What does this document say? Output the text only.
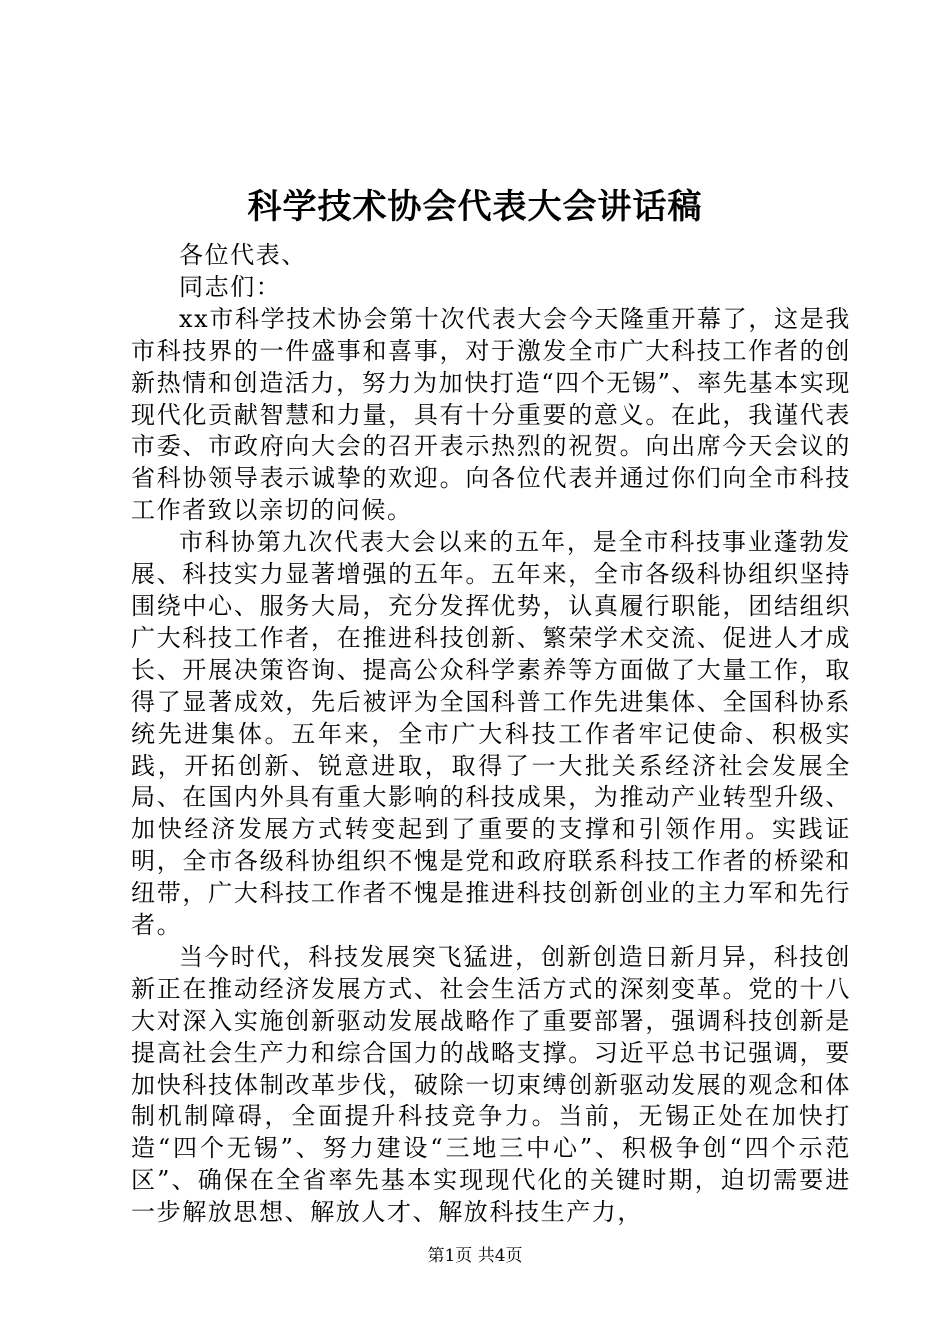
科学技术协会代表大会讲话稿

各位代表、

同志们：

xx市科学技术协会第十次代表大会今天隆重开幕了，这是我市科技界的一件盛事和喜事，对于激发全市广大科技工作者的创新热情和创造活力，努力为加快打造“四个无锡”、率先基本实现现代化贡献智慧和力量，具有十分重要的意义。在此，我谨代表市委、市政府向大会的召开表示热烈的祝贺。向出席今天会议的省科协领导表示诚挚的欢迎。向各位代表并通过你们向全市科技工作者致以亲切的问候。

市科协第九次代表大会以来的五年，是全市科技事业蓬勃发展、科技实力显著增强的五年。五年来，全市各级科协组织坚持围绕中心、服务大局，充分发挥优势，认真履行职能，团结组织广大科技工作者，在推进科技创新、繁荣学术交流、促进人才成长、开展决策咨询、提高公众科学素养等方面做了大量工作，取得了显著成效，先后被评为全国科普工作先进集体、全国科协系统先进集体。五年来，全市广大科技工作者牢记使命、积极实践，开拓创新、锐意进取，取得了一大批关系经济社会发展全局、在国内外具有重大影响的科技成果，为推动产业转型升级、加快经济发展方式转变起到了重要的支撑和引领作用。实践证明，全市各级科协组织不愧是党和政府联系科技工作者的桥梁和纽带，广大科技工作者不愧是推进科技创新创业的主力军和先行者。

当今时代，科技发展突飞猛进，创新创造日新月异，科技创新正在推动经济发展方式、社会生活方式的深刻变革。党的十八大对深入实施创新驱动发展战略作了重要部署，强调科技创新是提高社会生产力和综合国力的战略支撑。习近平总书记强调，要加快科技体制改革步伐，破除一切束缚创新驱动发展的观念和体制机制障碍，全面提升科技竞争力。当前，无锡正处在加快打造“四个无锡”、努力建设“三地三中心”、积极争创“四个示范区”、确保在全省率先基本实现现代化的关键时期，迫切需要进一步解放思想、解放人才、解放科技生产力，

第1页 共4页
